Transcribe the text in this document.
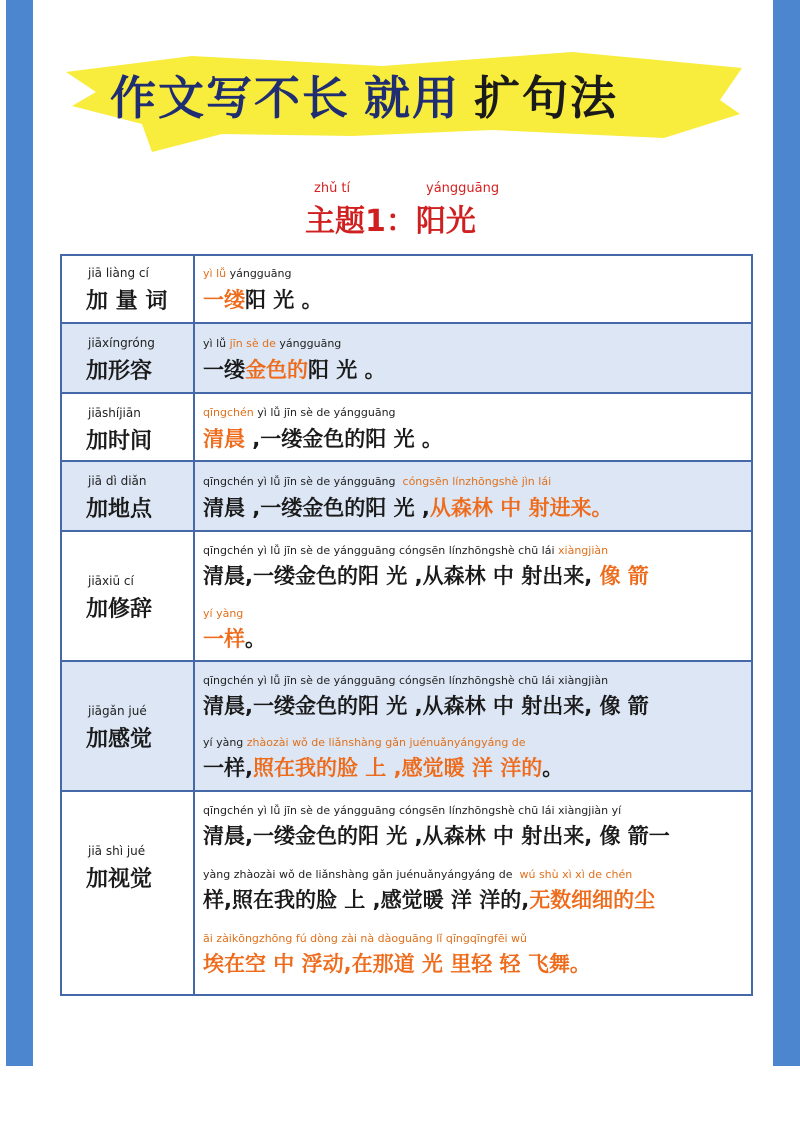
作文写不长 就用 扩句法
zhǔ tí	yángguāng
主题1：阳光
jiā liàng cí
加 量 词
yì lǚ yángguāng
一缕阳 光 。
jiāxíngróng
加形容
yì lǚ jīn sè de yángguāng
一缕金色的阳 光 。
jiāshíjiān
加时间
qīngchén yì lǚ jīn sè de yángguāng
清晨 ,一缕金色的阳 光 。
jiā dì diǎn
加地点
qīngchén yì lǚ jīn sè de yángguāng cóngsēn línzhōngshè jìn lái
清晨 ,一缕金色的阳 光 ,从森林 中 射进来。
jiāxiū cí
加修辞
qīngchén yì lǚ jīn sè de yángguāng cóngsēn línzhōngshè chū lái xiàngjiàn
清晨,一缕金色的阳 光 ,从森林 中 射出来, 像 箭
yí yàng
一样。
jiāgǎn jué
加感觉
qīngchén yì lǚ jīn sè de yángguāng cóngsēn línzhōngshè chū lái xiàngjiàn
清晨,一缕金色的阳 光 ,从森林 中 射出来, 像 箭
yí yàng zhàozài wǒ de liǎnshàng gǎn juénuǎnyángyáng de
一样,照在我的脸 上 ,感觉暖 洋 洋的。
jiā shì jué
加视觉
qīngchén yì lǚ jīn sè de yángguāng cóngsēn línzhōngshè chū lái xiàngjiàn yí
清晨,一缕金色的阳 光 ,从森林 中 射出来, 像 箭一
yàng zhàozài wǒ de liǎnshàng gǎn juénuǎnyángyáng de wú shù xì xì de chén
样,照在我的脸 上 ,感觉暖 洋 洋的,无数细细的尘
āi zàikōngzhōng fú dòng zài nà dàoguāng lǐ qīngqīngfēi wǔ
埃在空 中 浮动,在那道 光 里轻 轻 飞舞。
